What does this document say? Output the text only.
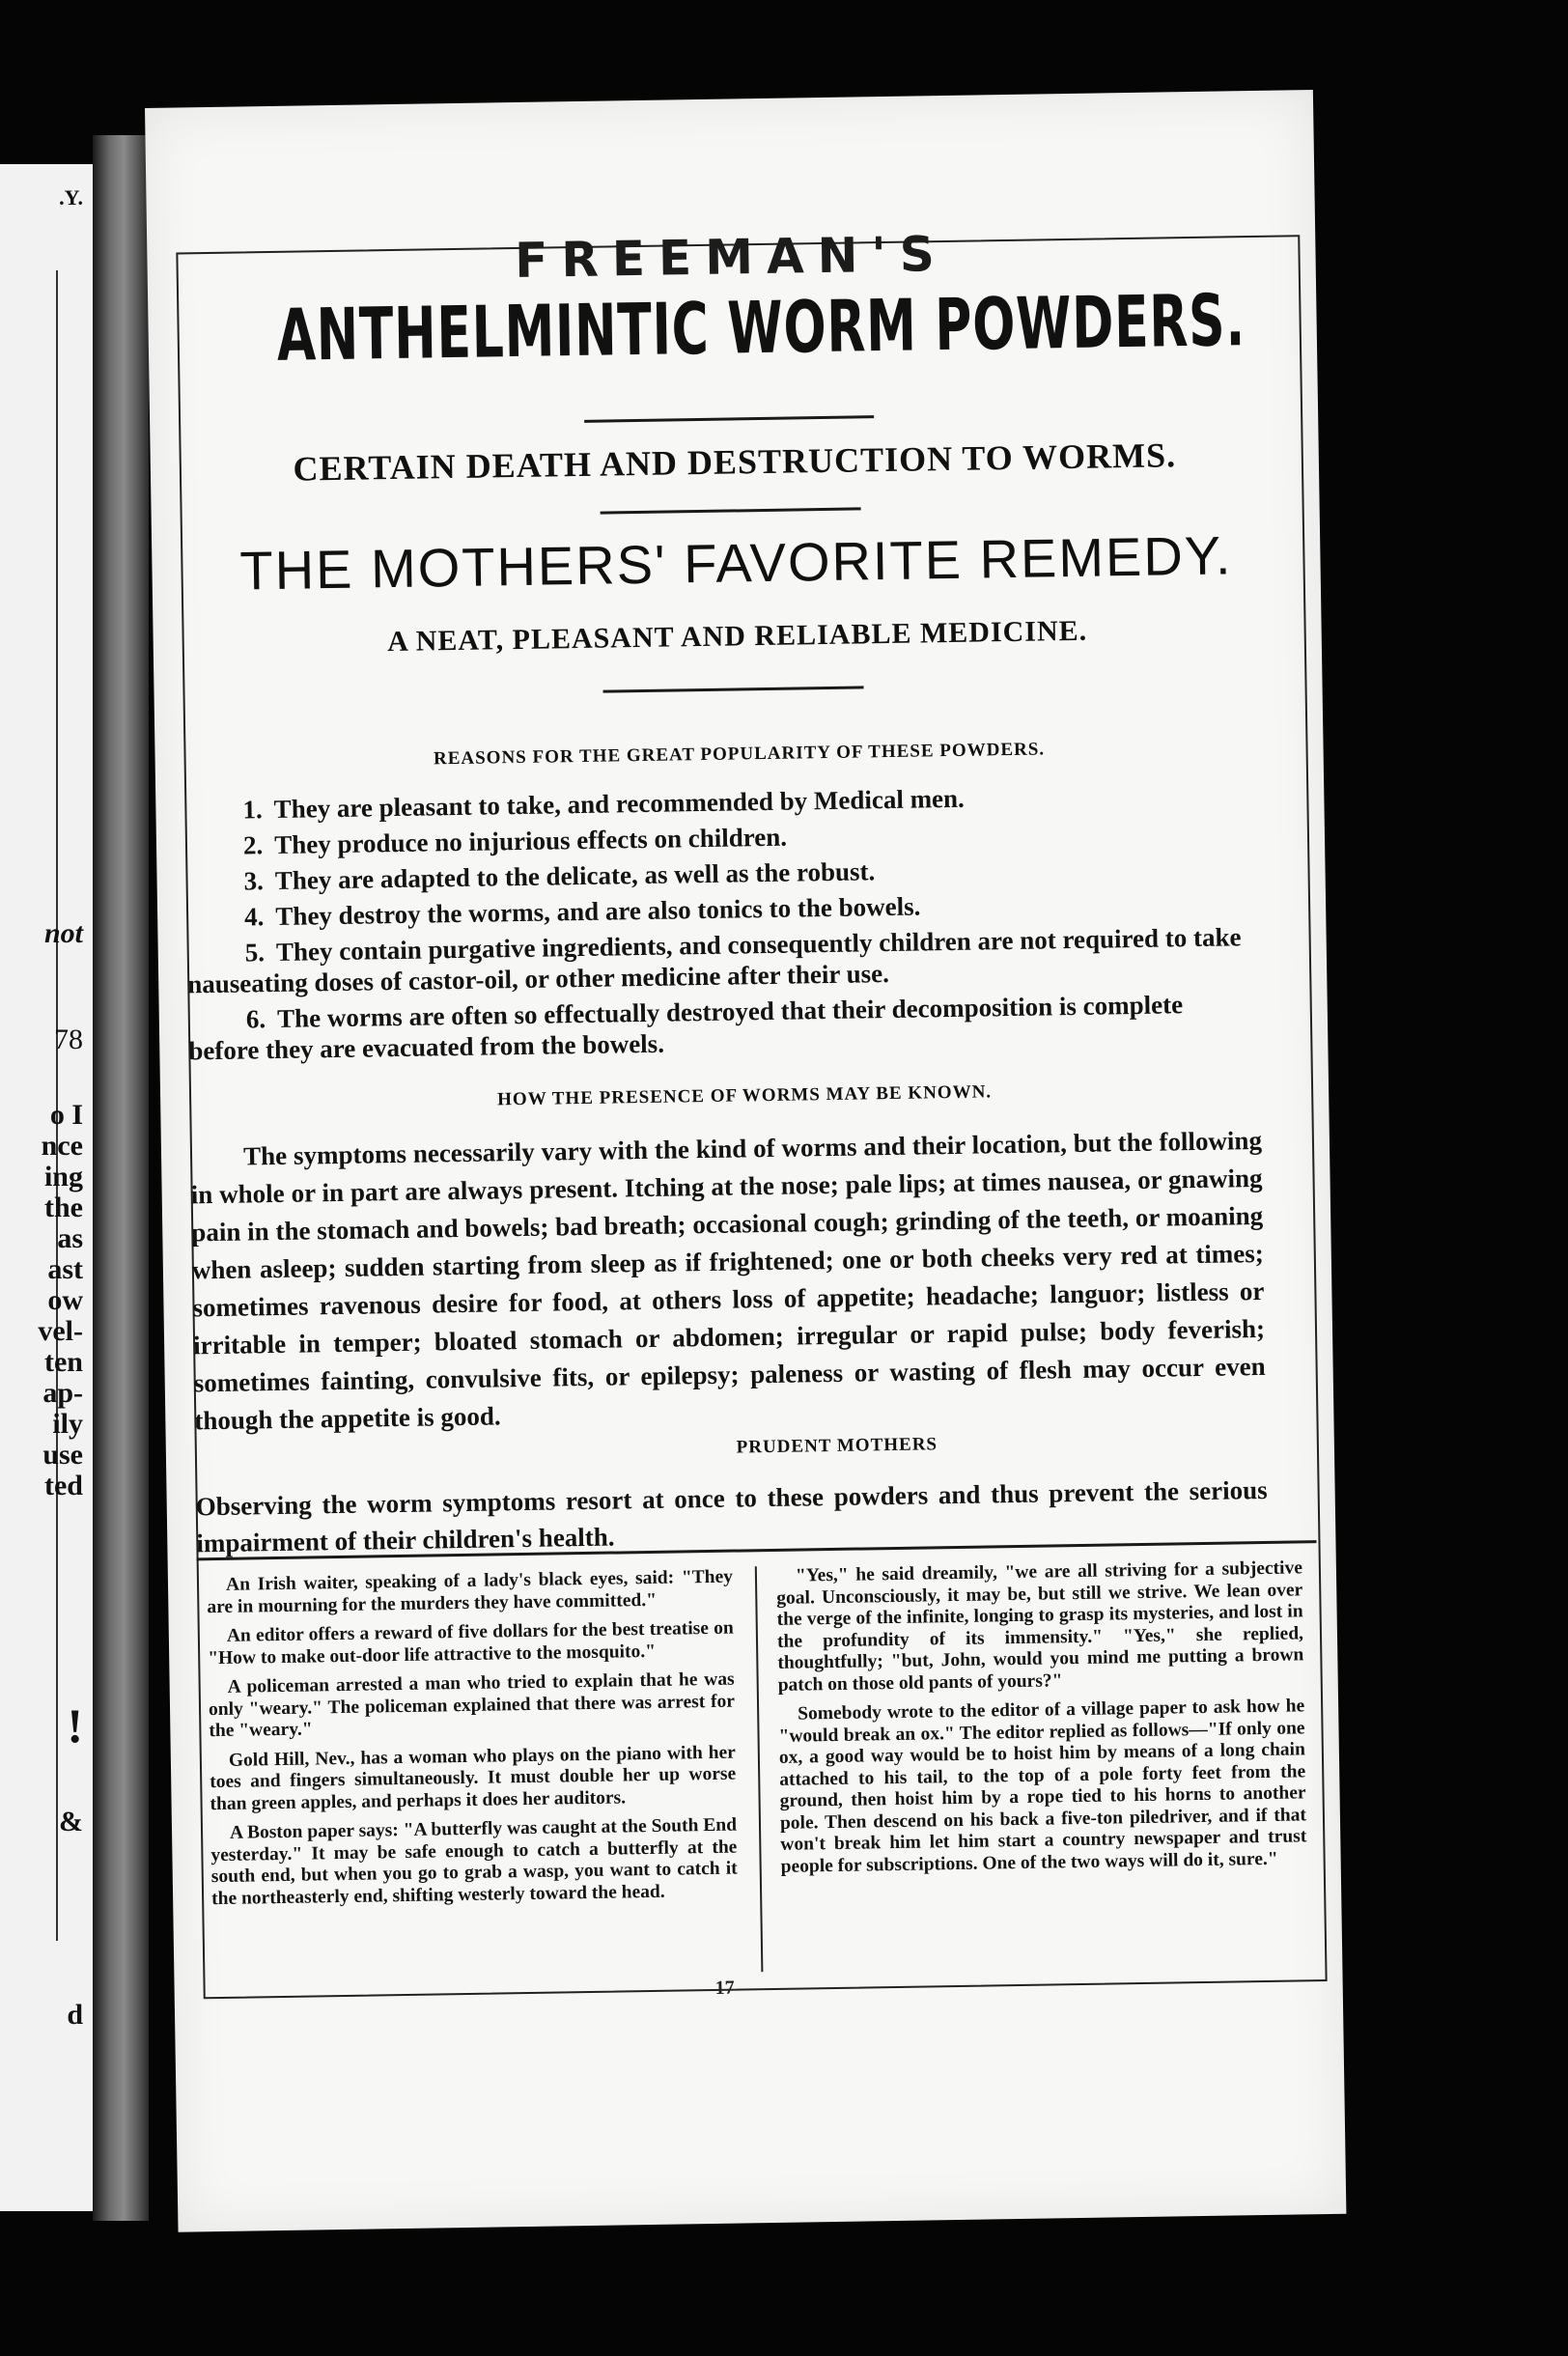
.Y.
not
78
o I
nce
ing
the
as
ast
ow
vel-
ten
ap-
ily
use
ted
!
&
d
FREEMAN'S
ANTHELMINTIC WORM POWDERS.
CERTAIN DEATH AND DESTRUCTION TO WORMS.
THE MOTHERS' FAVORITE REMEDY.
A NEAT, PLEASANT AND RELIABLE MEDICINE.
REASONS FOR THE GREAT POPULARITY OF THESE POWDERS.
1. They are pleasant to take, and recommended by Medical men.
2. They produce no injurious effects on children.
3. They are adapted to the delicate, as well as the robust.
4. They destroy the worms, and are also tonics to the bowels.
5. They contain purgative ingredients, and consequently children are not required to take nauseating doses of castor-oil, or other medicine after their use.
6. The worms are often so effectually destroyed that their decomposition is complete before they are evacuated from the bowels.
HOW THE PRESENCE OF WORMS MAY BE KNOWN.
The symptoms necessarily vary with the kind of worms and their location, but the following in whole or in part are always present. Itching at the nose; pale lips; at times nausea, or gnawing pain in the stomach and bowels; bad breath; occasional cough; grinding of the teeth, or moaning when asleep; sudden starting from sleep as if frightened; one or both cheeks very red at times; sometimes ravenous desire for food, at others loss of appetite; headache; languor; listless or irritable in temper; bloated stomach or abdomen; irregular or rapid pulse; body feverish; sometimes fainting, convulsive fits, or epilepsy; paleness or wasting of flesh may occur even though the appetite is good.
PRUDENT MOTHERS
Observing the worm symptoms resort at once to these powders and thus prevent the serious impairment of their children's health.

An Irish waiter, speaking of a lady's black eyes, said: "They are in mourning for the murders they have committed."

An editor offers a reward of five dollars for the best treatise on "How to make out-door life attractive to the mosquito."

A policeman arrested a man who tried to explain that he was only "weary." The policeman explained that there was arrest for the "weary."

Gold Hill, Nev., has a woman who plays on the piano with her toes and fingers simultaneously. It must double her up worse than green apples, and perhaps it does her auditors.

A Boston paper says: "A butterfly was caught at the South End yesterday." It may be safe enough to catch a butterfly at the south end, but when you go to grab a wasp, you want to catch it the northeasterly end, shifting westerly toward the head.

"Yes," he said dreamily, "we are all striving for a subjective goal. Unconsciously, it may be, but still we strive. We lean over the verge of the infinite, longing to grasp its mysteries, and lost in the profundity of its immensity." "Yes," she replied, thoughtfully; "but, John, would you mind me putting a brown patch on those old pants of yours?"

Somebody wrote to the editor of a village paper to ask how he "would break an ox." The editor replied as follows—"If only one ox, a good way would be to hoist him by means of a long chain attached to his tail, to the top of a pole forty feet from the ground, then hoist him by a rope tied to his horns to another pole. Then descend on his back a five-ton piledriver, and if that won't break him let him start a country newspaper and trust people for subscriptions. One of the two ways will do it, sure."

17
